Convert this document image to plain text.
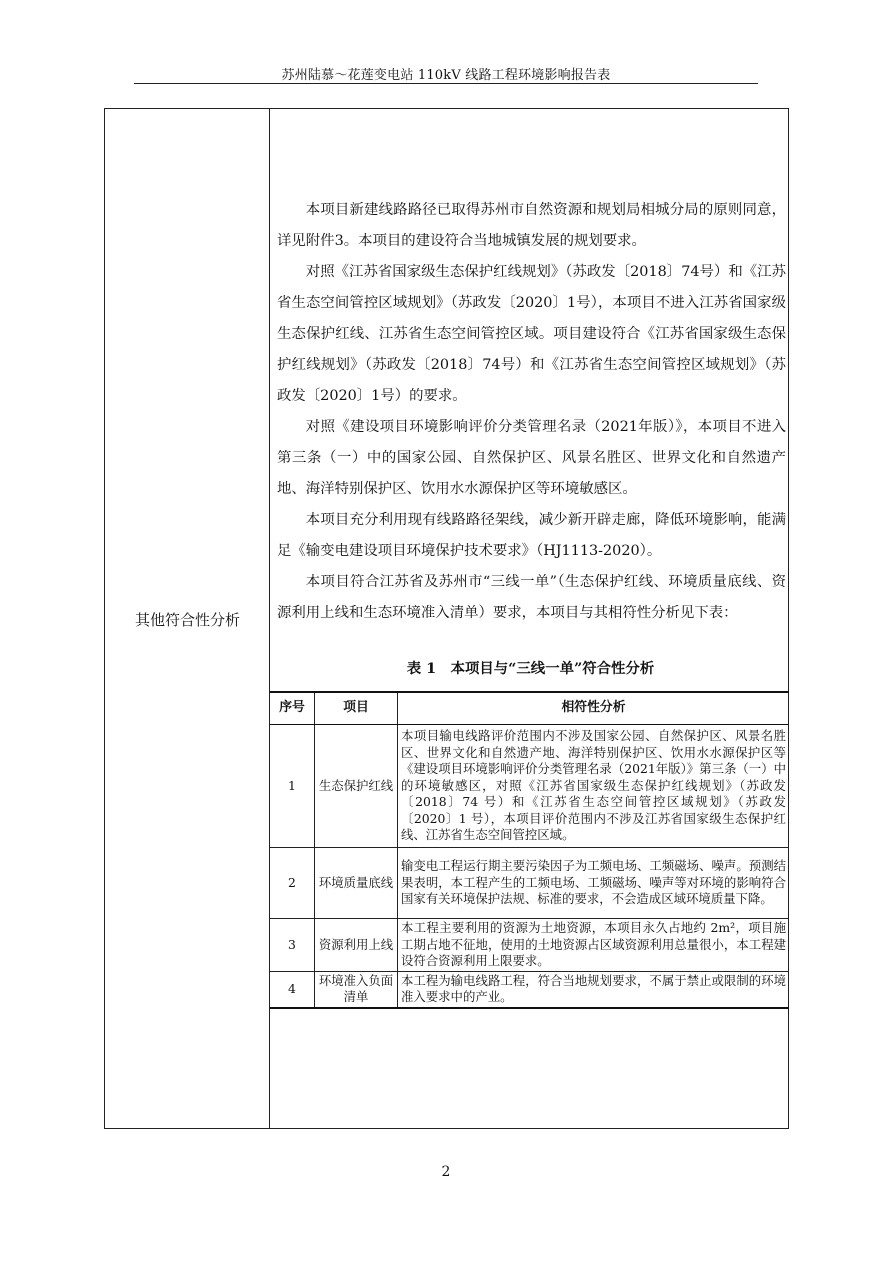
苏州陆慕～花莲变电站 110kV 线路工程环境影响报告表
其他符合性分析

本项目新建线路路径已取得苏州市自然资源和规划局相城分局的原则同意，详见附件3。本项目的建设符合当地城镇发展的规划要求。

对照《江苏省国家级生态保护红线规划》（苏政发〔2018〕74号）和《江苏省生态空间管控区域规划》（苏政发〔2020〕1号），本项目不进入江苏省国家级生态保护红线、江苏省生态空间管控区域。项目建设符合《江苏省国家级生态保护红线规划》（苏政发〔2018〕74号）和《江苏省生态空间管控区域规划》（苏政发〔2020〕1号）的要求。

对照《建设项目环境影响评价分类管理名录（2021年版）》，本项目不进入第三条（一）中的国家公园、自然保护区、风景名胜区、世界文化和自然遗产地、海洋特别保护区、饮用水水源保护区等环境敏感区。

本项目充分利用现有线路路径架线，减少新开辟走廊，降低环境影响，能满足《输变电建设项目环境保护技术要求》（HJ1113-2020）。

本项目符合江苏省及苏州市“三线一单”（生态保护红线、环境质量底线、资源利用上线和生态环境准入清单）要求，本项目与其相符性分析见下表：

表 1　本项目与“三线一单”符合性分析
序号	项目	相符性分析
1	生态保护红线	本项目输电线路评价范围内不涉及国家公园、自然保护区、风景名胜区、世界文化和自然遗产地、海洋特别保护区、饮用水水源保护区等《建设项目环境影响评价分类管理名录（2021年版）》第三条（一）中的环境敏感区，对照《江苏省国家级生态保护红线规划》（苏政发〔2018〕74 号）和《江苏省生态空间管控区域规划》（苏政发〔2020〕1 号），本项目评价范围内不涉及江苏省国家级生态保护红线、江苏省生态空间管控区域。
2	环境质量底线	输变电工程运行期主要污染因子为工频电场、工频磁场、噪声。预测结果表明，本工程产生的工频电场、工频磁场、噪声等对环境的影响符合国家有关环境保护法规、标准的要求，不会造成区域环境质量下降。
3	资源利用上线	本工程主要利用的资源为土地资源，本项目永久占地约 2m²，项目施工期占地不征地，使用的土地资源占区域资源利用总量很小，本工程建设符合资源利用上限要求。
4	环境准入负面清单	本工程为输电线路工程，符合当地规划要求，不属于禁止或限制的环境准入要求中的产业。
2
